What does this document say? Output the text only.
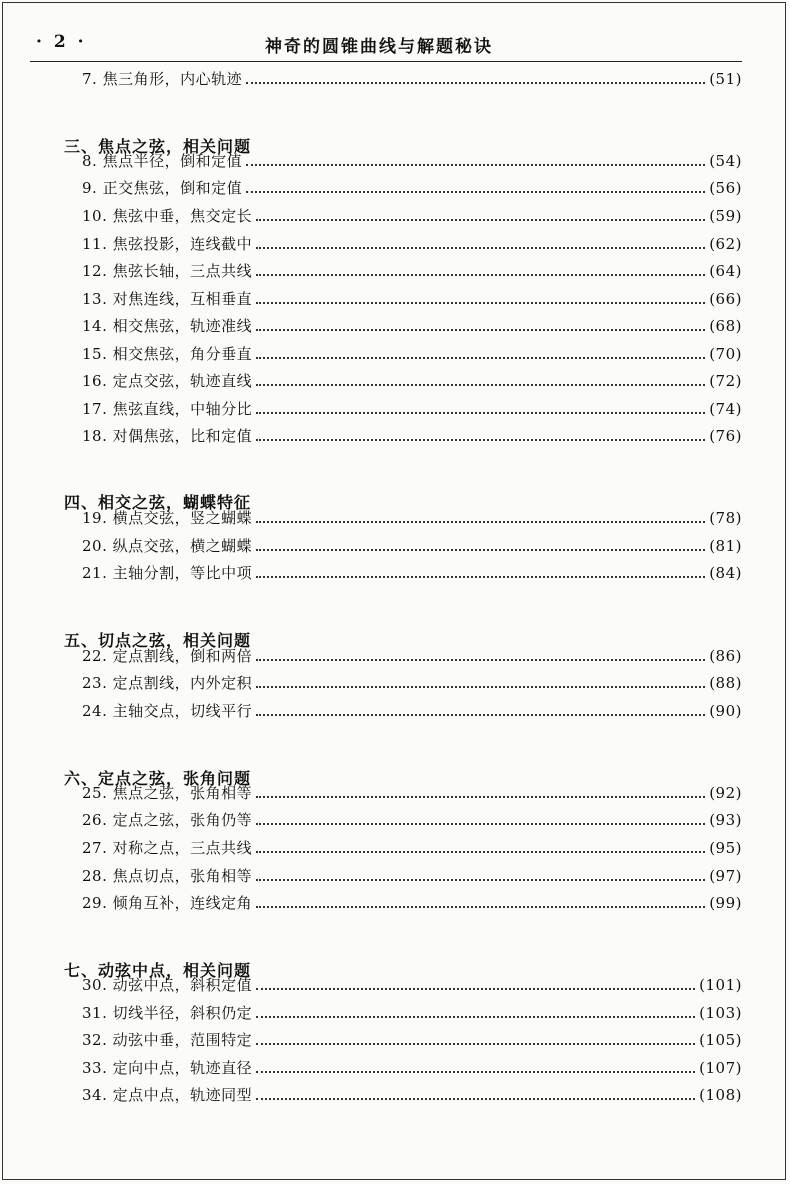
· 2 ·	神奇的圆锥曲线与解题秘诀
7. 焦三角形，内心轨迹	(51)
三、焦点之弦，相关问题
8. 焦点半径，倒和定值	(54)
9. 正交焦弦，倒和定值	(56)
10. 焦弦中垂，焦交定长	(59)
11. 焦弦投影，连线截中	(62)
12. 焦弦长轴，三点共线	(64)
13. 对焦连线，互相垂直	(66)
14. 相交焦弦，轨迹准线	(68)
15. 相交焦弦，角分垂直	(70)
16. 定点交弦，轨迹直线	(72)
17. 焦弦直线，中轴分比	(74)
18. 对偶焦弦，比和定值	(76)
四、相交之弦，蝴蝶特征
19. 横点交弦，竖之蝴蝶	(78)
20. 纵点交弦，横之蝴蝶	(81)
21. 主轴分割，等比中项	(84)
五、切点之弦，相关问题
22. 定点割线，倒和两倍	(86)
23. 定点割线，内外定积	(88)
24. 主轴交点，切线平行	(90)
六、定点之弦，张角问题
25. 焦点之弦，张角相等	(92)
26. 定点之弦，张角仍等	(93)
27. 对称之点，三点共线	(95)
28. 焦点切点，张角相等	(97)
29. 倾角互补，连线定角	(99)
七、动弦中点，相关问题
30. 动弦中点，斜积定值	(101)
31. 切线半径，斜积仍定	(103)
32. 动弦中垂，范围特定	(105)
33. 定向中点，轨迹直径	(107)
34. 定点中点，轨迹同型	(108)
